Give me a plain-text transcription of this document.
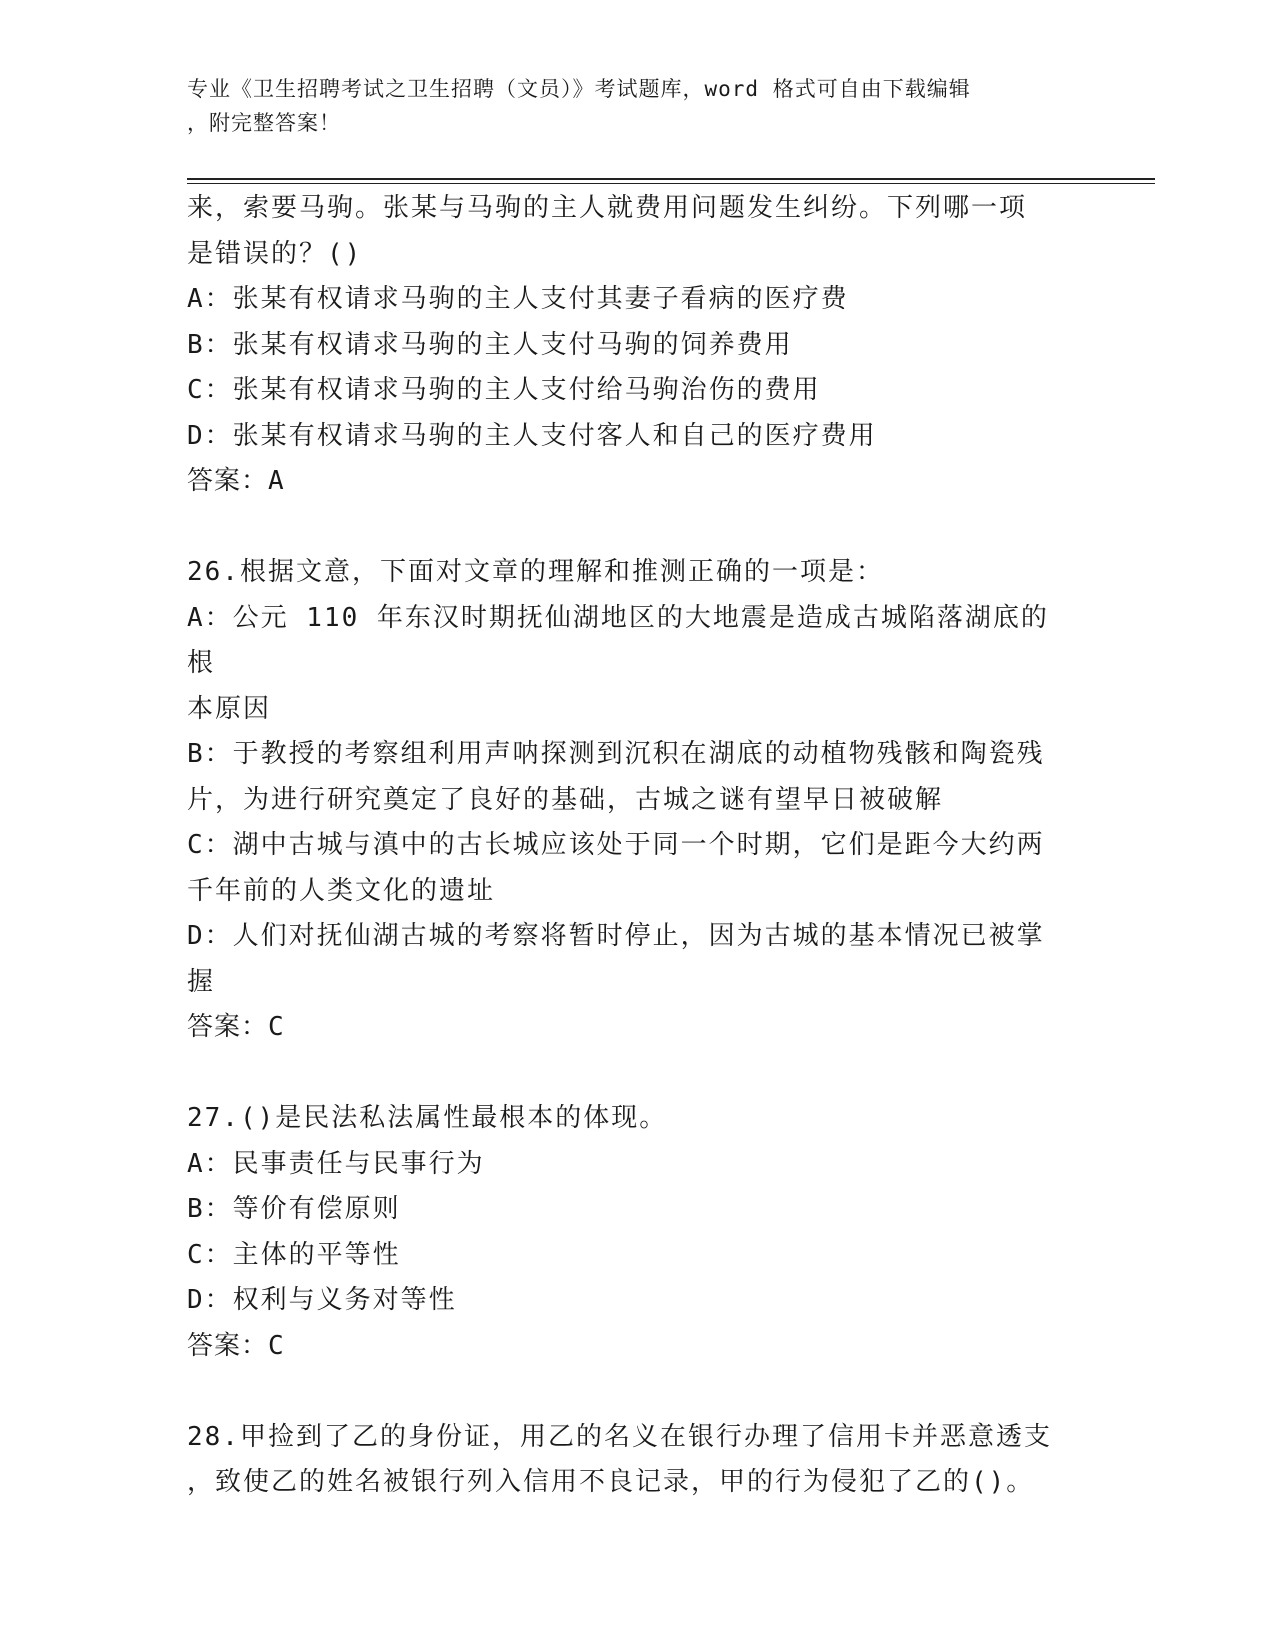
专业《卫生招聘考试之卫生招聘（文员）》考试题库，word 格式可自由下载编辑
，附完整答案！

来，索要马驹。张某与马驹的主人就费用问题发生纠纷。下列哪一项

是错误的？()

A：张某有权请求马驹的主人支付其妻子看病的医疗费

B：张某有权请求马驹的主人支付马驹的饲养费用

C：张某有权请求马驹的主人支付给马驹治伤的费用

D：张某有权请求马驹的主人支付客人和自己的医疗费用

答案：A

26.根据文意，下面对文章的理解和推测正确的一项是：

A：公元 110 年东汉时期抚仙湖地区的大地震是造成古城陷落湖底的根

本原因

B：于教授的考察组利用声呐探测到沉积在湖底的动植物残骸和陶瓷残

片，为进行研究奠定了良好的基础，古城之谜有望早日被破解

C：湖中古城与滇中的古长城应该处于同一个时期，它们是距今大约两

千年前的人类文化的遗址

D：人们对抚仙湖古城的考察将暂时停止，因为古城的基本情况已被掌

握

答案：C

27.()是民法私法属性最根本的体现。

A：民事责任与民事行为

B：等价有偿原则

C：主体的平等性

D：权利与义务对等性

答案：C

28.甲捡到了乙的身份证，用乙的名义在银行办理了信用卡并恶意透支

，致使乙的姓名被银行列入信用不良记录，甲的行为侵犯了乙的()。
